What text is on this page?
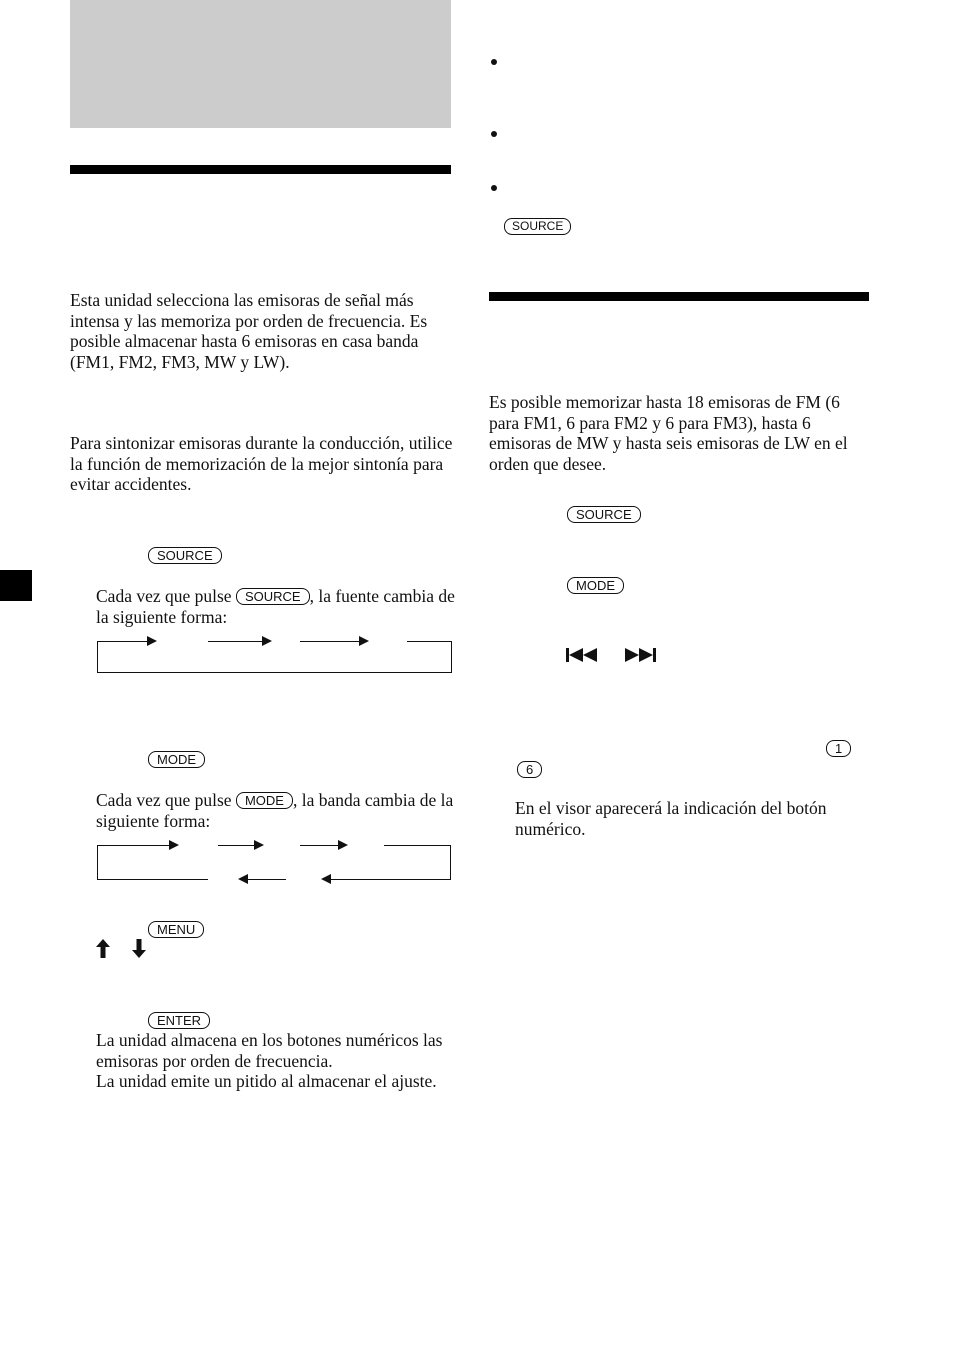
Esta unidad selecciona las emisoras de señal más intensa y las memoriza por orden de frecuencia. Es posible almacenar hasta 6 emisoras en casa banda (FM1, FM2, FM3, MW y LW).
Para sintonizar emisoras durante la conducción, utilice la función de memorización de la mejor sintonía para evitar accidentes.
SOURCE
Cada vez que pulse SOURCE , la fuente cambia de la siguiente forma:
MODE
Cada vez que pulse MODE , la banda cambia de la siguiente forma:
MENU
ENTER
La unidad almacena en los botones numéricos las emisoras por orden de frecuencia.
La unidad emite un pitido al almacenar el ajuste.
SOURCE
Es posible memorizar hasta 18 emisoras de FM (6 para FM1, 6 para FM2 y 6 para FM3), hasta 6 emisoras de MW y hasta seis emisoras de LW en el orden que desee.
SOURCE
MODE
1
6
En el visor aparecerá la indicación del botón numérico.
